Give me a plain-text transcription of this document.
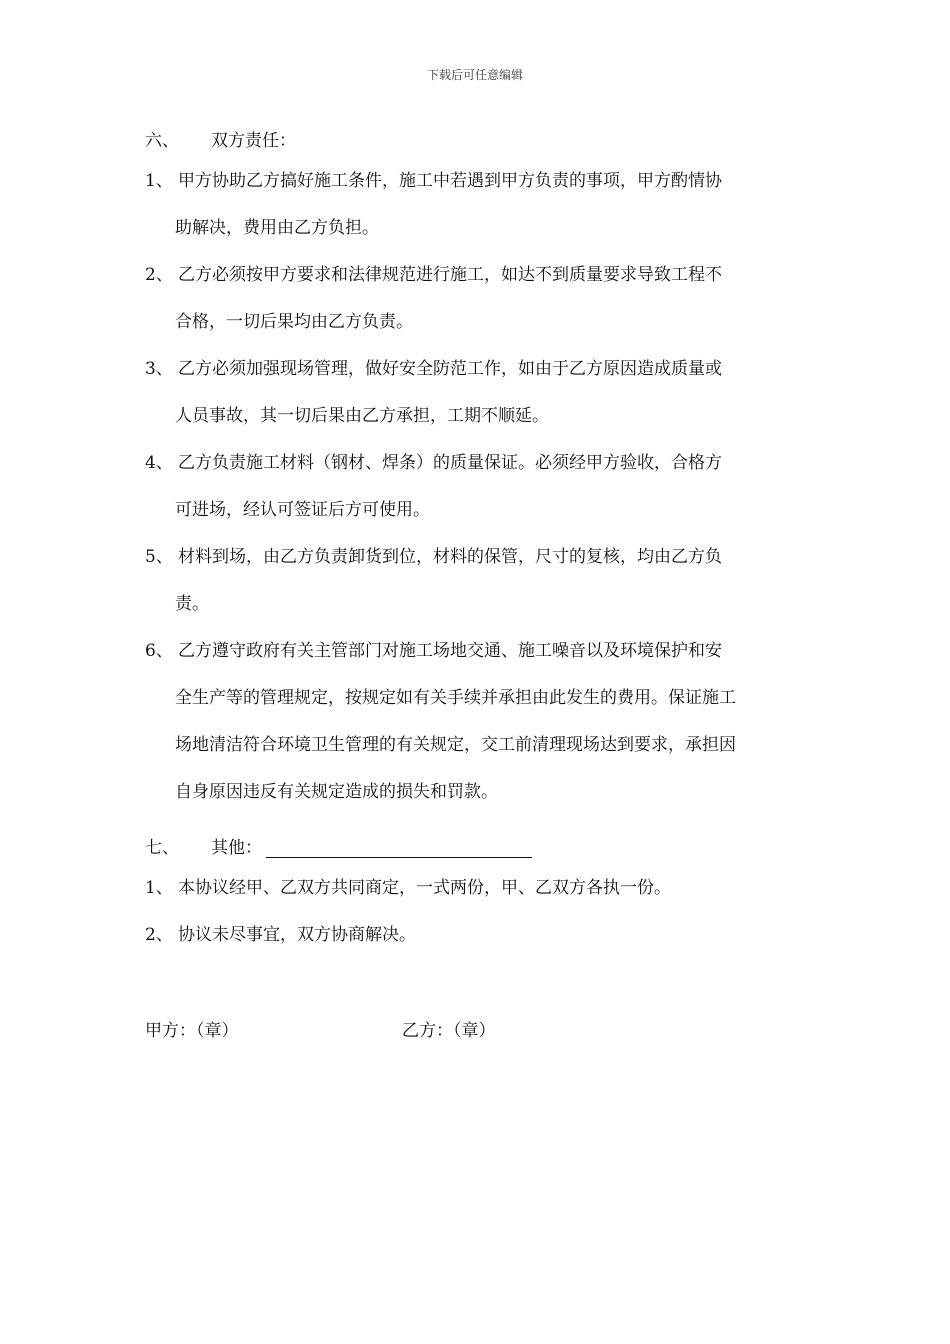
下载后可任意编辑
六、 双方责任：
1、 甲方协助乙方搞好施工条件，施工中若遇到甲方负责的事项，甲方酌情协
助解决，费用由乙方负担。
2、 乙方必须按甲方要求和法律规范进行施工，如达不到质量要求导致工程不
合格，一切后果均由乙方负责。
3、 乙方必须加强现场管理，做好安全防范工作，如由于乙方原因造成质量或
人员事故，其一切后果由乙方承担，工期不顺延。
4、 乙方负责施工材料（钢材、焊条）的质量保证。必须经甲方验收，合格方
可进场，经认可签证后方可使用。
5、 材料到场，由乙方负责卸货到位，材料的保管，尺寸的复核，均由乙方负
责。
6、 乙方遵守政府有关主管部门对施工场地交通、施工噪音以及环境保护和安
全生产等的管理规定，按规定如有关手续并承担由此发生的费用。保证施工
场地清洁符合环境卫生管理的有关规定，交工前清理现场达到要求，承担因
自身原因违反有关规定造成的损失和罚款。
七、 其他：
1、 本协议经甲、乙双方共同商定，一式两份，甲、乙双方各执一份。
2、 协议未尽事宜，双方协商解决。
甲方：（章）	乙方：（章）
